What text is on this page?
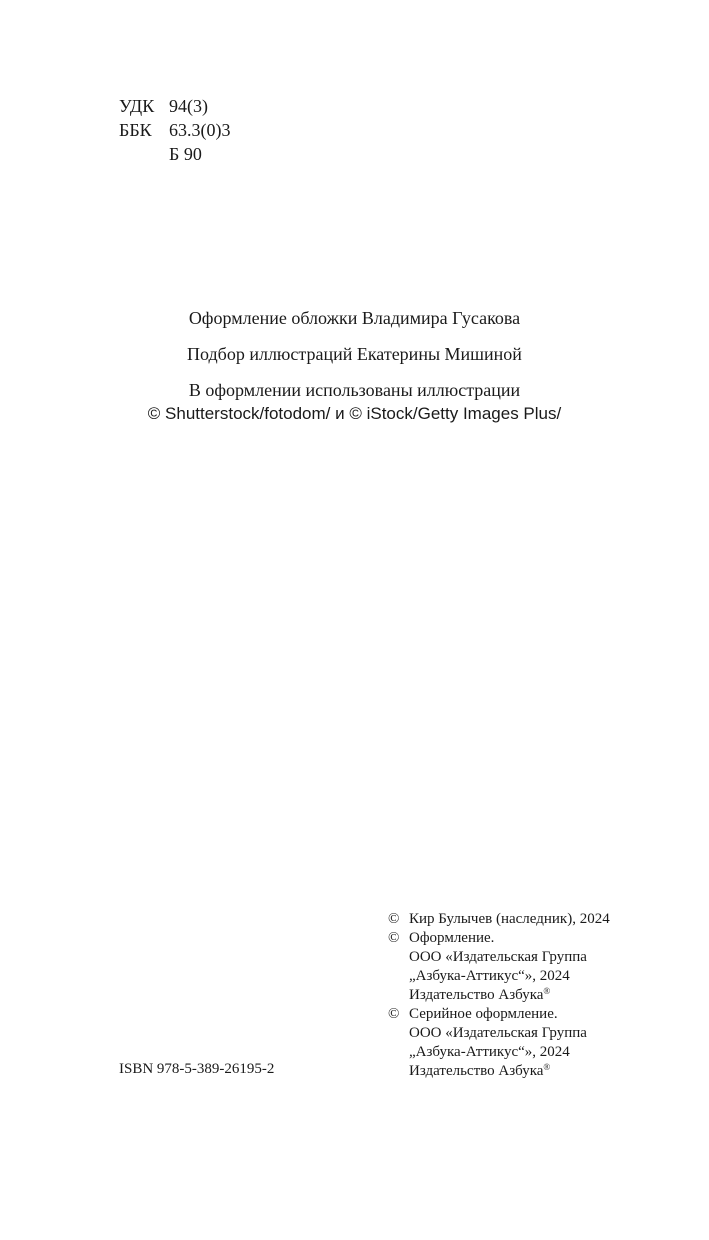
УДК 94(3)
ББК 63.3(0)3
Б 90

Оформление обложки Владимира Гусакова

Подбор иллюстраций Екатерины Мишиной

В оформлении использованы иллюстрации

© Shutterstock/fotodom/ и © iStock/Getty Images Plus/

ISBN 978-5-389-26195-2
© Кир Булычев (наследник), 2024
© Оформление.
ООО «Издательская Группа
„Азбука-Аттикус“», 2024
Издательство Азбука®
© Серийное оформление.
ООО «Издательская Группа
„Азбука-Аттикус“», 2024
Издательство Азбука®
